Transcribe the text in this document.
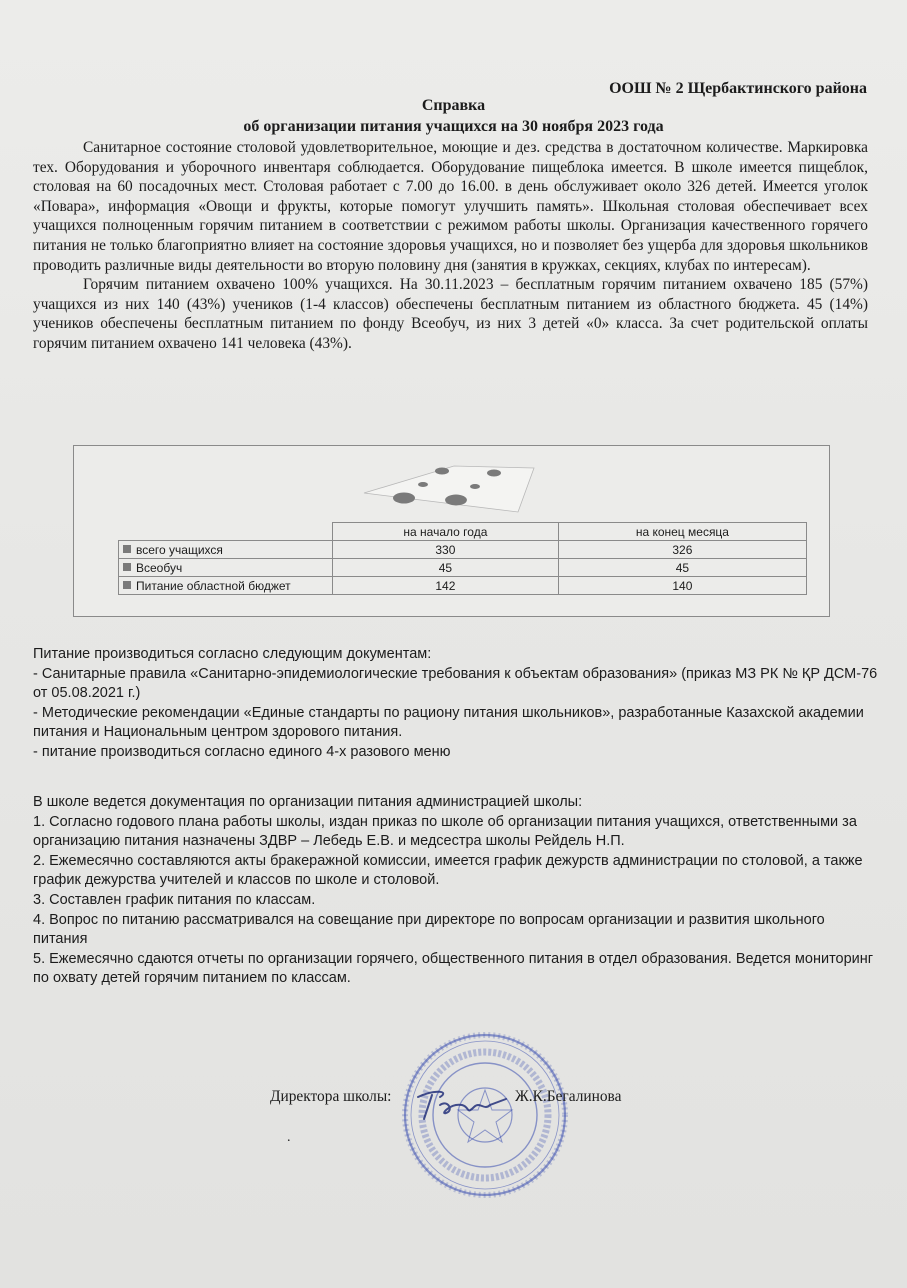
ООШ № 2 Щербактинского района
Справка
об организации питания учащихся на 30 ноября 2023 года

Санитарное состояние столовой удовлетворительное, моющие и дез. средства в достаточном количестве. Маркировка тех. Оборудования и уборочного инвентаря соблюдается. Оборудование пищеблока имеется. В школе имеется пищеблок, столовая на 60 посадочных мест. Столовая работает с 7.00 до 16.00. в день обслуживает около 326 детей. Имеется уголок «Повара», информация «Овощи и фрукты, которые помогут улучшить память». Школьная столовая обеспечивает всех учащихся полноценным горячим питанием в соответствии с режимом работы школы. Организация качественного горячего питания не только благоприятно влияет на состояние здоровья учащихся, но и позволяет без ущерба для здоровья школьников проводить различные виды деятельности во вторую половину дня (занятия в кружках, секциях, клубах по интересам).

Горячим питанием охвачено 100% учащихся. На 30.11.2023 – бесплатным горячим питанием охвачено 185 (57%) учащихся из них 140 (43%) учеников (1-4 классов) обеспечены бесплатным питанием из областного бюджета. 45 (14%) учеников обеспечены бесплатным питанием по фонду Всеобуч, из них 3 детей «0» класса. За счет родительской оплаты горячим питанием охвачено 141 человека (43%).

	на начало года	на конец месяца
всего учащихся	330	326
Всеобуч	45	45
Питание областной бюджет	142	140
Питание производиться согласно следующим документам:
- Санитарные правила «Санитарно-эпидемиологические требования к объектам образования» (приказ МЗ РК № ҚР ДСМ-76 от 05.08.2021 г.)
- Методические рекомендации «Единые стандарты по рациону питания школьников», разработанные Казахской академии питания и Национальным центром здорового питания.
- питание производиться согласно единого 4-х разового меню
В школе ведется документация по организации питания администрацией школы:
1. Согласно годового плана работы школы, издан приказ по школе об организации питания учащихся, ответственными за организацию питания назначены ЗДВР – Лебедь Е.В. и медсестра школы Рейдель Н.П.
2. Ежемесячно составляются акты бракеражной комиссии, имеется график дежурств администрации по столовой, а также график дежурства учителей и классов по школе и столовой.
3. Составлен график питания по классам.
4. Вопрос по питанию рассматривался на совещание при директоре по вопросам организации и развития школьного питания
5. Ежемесячно сдаются отчеты по организации горячего, общественного питания в отдел образования. Ведется мониторинг по охвату детей горячим питанием по классам.
Директора школы:	Ж.К.Бегалинова
.
